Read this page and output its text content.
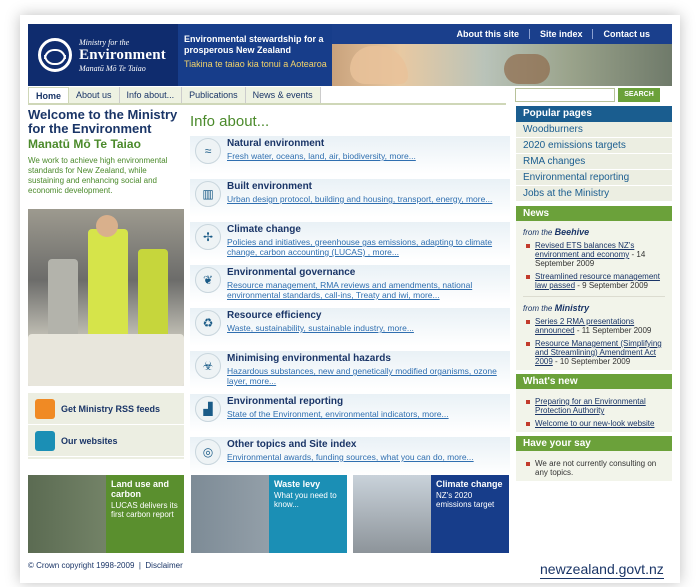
Ministry for the
Environment
Manatū Mō Te Taiao
Environmental stewardship for a prosperous New Zealand
Tiakina te taiao kia tonui a Aotearoa
About this site	Site index	Contact us
Home	About us	Info about...	Publications	News & events	SEARCH
Welcome to the Ministry for the Environment
Manatū Mō Te Taiao
We work to achieve high environmental standards for New Zealand, while sustaining and enhancing social and economic development.
Get Ministry RSS feeds
Our websites
Info about...
≈
Natural environment
Fresh water, oceans, land, air, biodiversity, more...
▥
Built environment
Urban design protocol, building and housing, transport, energy, more...
✢
Climate change
Policies and initiatives, greenhouse gas emissions, adapting to climate change, carbon accounting (LUCAS) , more...
❦
Environmental governance
Resource management, RMA reviews and amendments, national environmental standards, call-ins, Treaty and iwi, more...
♻
Resource efficiency
Waste, sustainability, sustainable industry, more...
☣
Minimising environmental hazards
Hazardous substances, new and genetically modified organisms, ozone layer, more...
▟
Environmental reporting
State of the Environment, environmental indicators, more...
◎
Other topics and Site index
Environmental awards, funding sources, what you can do, more...
Popular pages
Woodburners
2020 emissions targets
RMA changes
Environmental reporting
Jobs at the Ministry
News
from the Beehive
Revised ETS balances NZ's environment and economy - 14 September 2009
Streamlined resource management law passed - 9 September 2009
from the Ministry
Series 2 RMA presentations announced - 11 September 2009
Resource Management (Simplifying and Streamlining) Amendment Act 2009 - 10 September 2009
What's new
Preparing for an Environmental Protection Authority
Welcome to our new-look website
Have your say
We are not currently consulting on any topics.
Land use and carbon
LUCAS delivers its first carbon report
Waste levy
What you need to know...
Climate change
NZ's 2020 emissions target
© Crown copyright 1998-2009  |  Disclaimer	newzealand.govt.nz
